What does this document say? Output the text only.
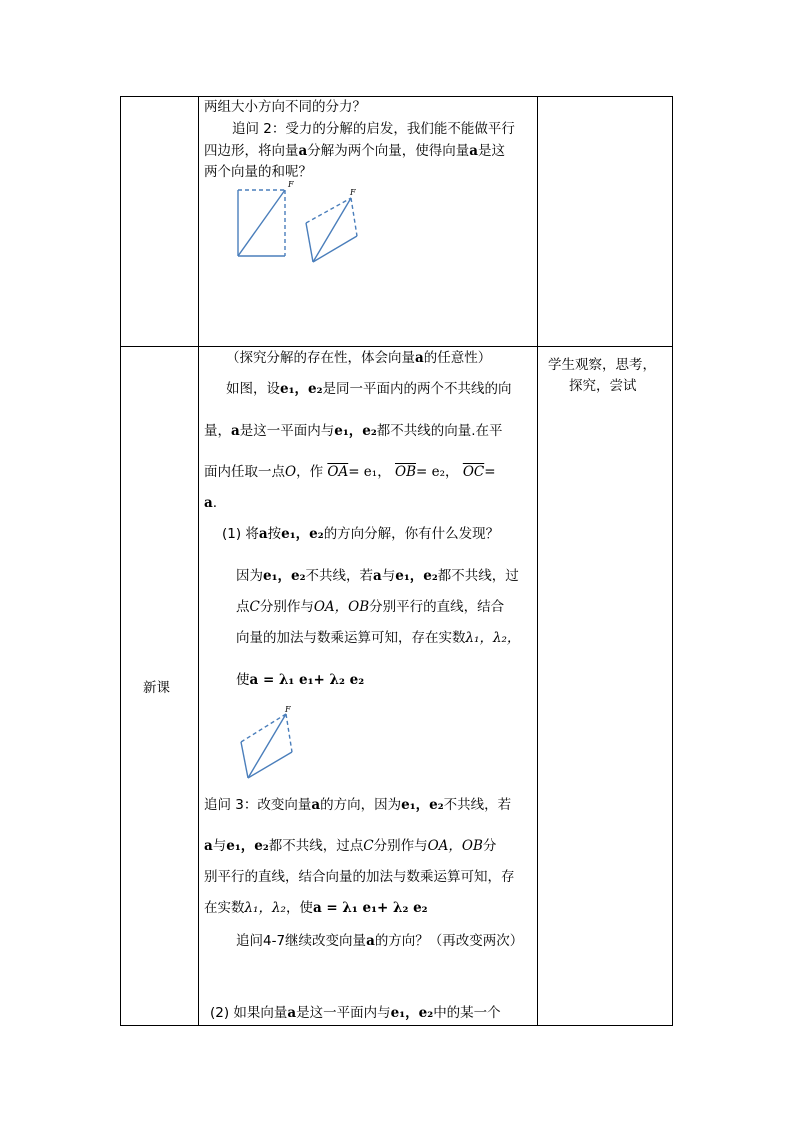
两组大小方向不同的分力？
追问 2：受力的分解的启发，我们能不能做平行
四边形，将向量a分解为两个向量，使得向量a是这
两个向量的和呢？
F
F
新课
学生观察，思考，
探究，尝试
（探究分解的存在性，体会向量a的任意性）
如图，设e₁，e₂是同一平面内的两个不共线的向
量，a是这一平面内与e₁，e₂都不共线的向量.在平
面内任取一点O，作 $\overline{OA}= e_1$， $\overline{OB}= e_2$， $\overline{OC}=$
a.
(1) 将a按e₁，e₂的方向分解，你有什么发现？
因为e₁，e₂不共线，若a与e₁，e₂都不共线，过
点C分别作与OA，OB分别平行的直线，结合
向量的加法与数乘运算可知，存在实数λ₁，λ₂，
使a = λ₁ e₁+ λ₂ e₂
F
追问 3：改变向量a的方向，因为e₁，e₂不共线，若
a与e₁，e₂都不共线，过点C分别作与OA，OB分
别平行的直线，结合向量的加法与数乘运算可知，存
在实数λ₁，λ₂，使a = λ₁ e₁+ λ₂ e₂
追问4-7继续改变向量a的方向？（再改变两次）
(2) 如果向量a是这一平面内与e₁，e₂中的某一个
